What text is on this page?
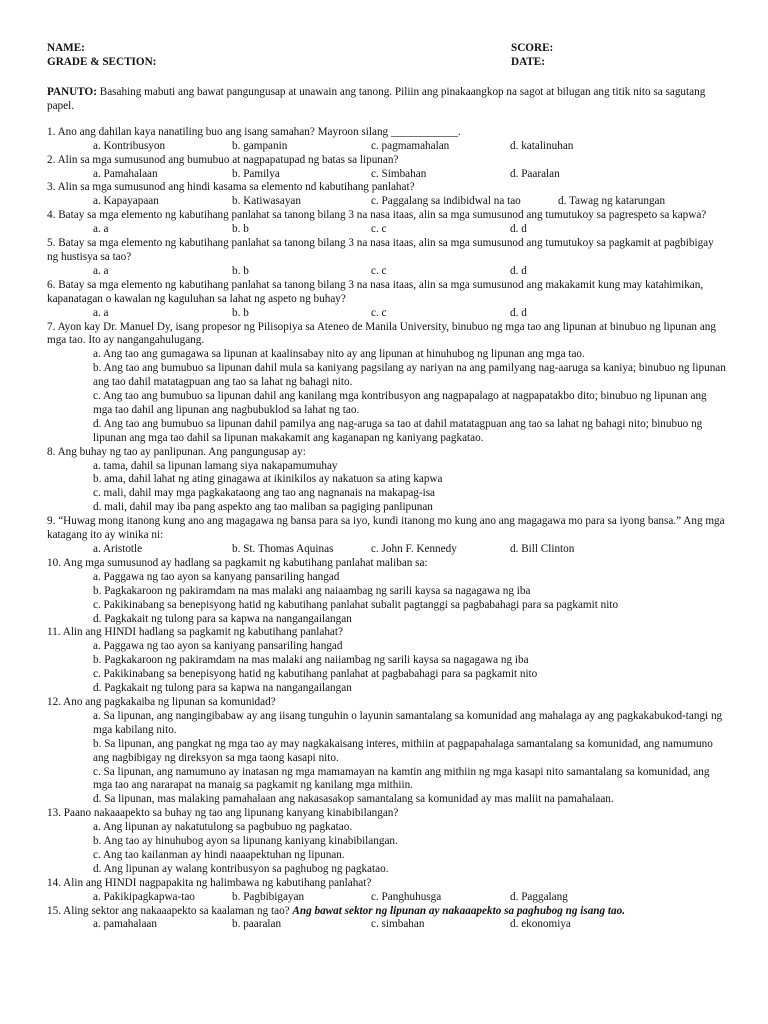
NAME:
GRADE & SECTION:
SCORE:
DATE:
PANUTO: Basahing mabuti ang bawat pangungusap at unawain ang tanong. Piliin ang pinakaangkop na sagot at bilugan ang titik nito sa sagutang papel.
1. Ano ang dahilan kaya nanatiling buo ang isang samahan? Mayroon silang ____________.
a. Kontribusyon	b. gampanin	c. pagmamahalan	d. katalinuhan
2. Alin sa mga sumusunod ang bumubuo at nagpapatupad ng batas sa lipunan?
a. Pamahalaan	b. Pamilya	c. Simbahan	d. Paaralan
3. Alin sa mga sumusunod ang hindi kasama sa elemento nd kabutihang panlahat?
a. Kapayapaan	b. Katiwasayan	c. Paggalang sa indibidwal na tao	d. Tawag ng katarungan
4. Batay sa mga elemento ng kabutihang panlahat sa tanong bilang 3 na nasa itaas, alin sa mga sumusunod ang tumutukoy sa pagrespeto sa kapwa?
a. a	b. b	c. c	d. d
5. Batay sa mga elemento ng kabutihang panlahat sa tanong bilang 3 na nasa itaas, alin sa mga sumusunod ang tumutukoy sa pagkamit at pagbibigay ng hustisya sa tao?
a. a	b. b	c. c	d. d
6. Batay sa mga elemento ng kabutihang panlahat sa tanong bilang 3 na nasa itaas, alin sa mga sumusunod ang makakamit kung may katahimikan, kapanatagan o kawalan ng kaguluhan sa lahat ng aspeto ng buhay?
a. a	b. b	c. c	d. d
7. Ayon kay Dr. Manuel Dy, isang propesor ng Pilisopiya sa Ateneo de Manila University, binubuo ng mga tao ang lipunan at binubuo ng lipunan ang mga tao. Ito ay nangangahulugang.
a. Ang tao ang gumagawa sa lipunan at kaalinsabay nito ay ang lipunan at hinuhubog ng lipunan ang mga tao.
b. Ang tao ang bumubuo sa lipunan dahil mula sa kaniyang pagsilang ay nariyan na ang pamilyang nag-aaruga sa kaniya; binubuo ng lipunan ang tao dahil matatagpuan ang tao sa lahat ng bahagi nito.
c. Ang tao ang bumubuo sa lipunan dahil ang kanilang mga kontribusyon ang nagpapalago at nagpapatakbo dito; binubuo ng lipunan ang mga tao dahil ang lipunan ang nagbubuklod sa lahat ng tao.
d. Ang tao ang bumubuo sa lipunan dahil pamilya ang nag-aruga sa tao at dahil matatagpuan ang tao sa lahat ng bahagi nito; binubuo ng lipunan ang mga tao dahil sa lipunan makakamit ang kaganapan ng kaniyang pagkatao.
8. Ang buhay ng tao ay panlipunan. Ang pangungusap ay:
a. tama, dahil sa lipunan lamang siya nakapamumuhay
b. ama, dahil lahat ng ating ginagawa at ikinikilos ay nakatuon sa ating kapwa
c. mali, dahil may mga pagkakataong ang tao ang nagnanais na makapag-isa
d. mali, dahil may iba pang aspekto ang tao maliban sa pagiging panlipunan
9. “Huwag mong itanong kung ano ang magagawa ng bansa para sa iyo, kundi itanong mo kung ano ang magagawa mo para sa iyong bansa.” Ang mga katagang ito ay winika ni:
a. Aristotle	b. St. Thomas Aquinas	c. John F. Kennedy	d. Bill Clinton
10. Ang mga sumusunod ay hadlang sa pagkamit ng kabutihang panlahat maliban sa:
a. Paggawa ng tao ayon sa kanyang pansariling hangad
b. Pagkakaroon ng pakiramdam na mas malaki ang naiaambag ng sarili kaysa sa nagagawa ng iba
c. Pakikinabang sa benepisyong hatid ng kabutihang panlahat subalit pagtanggi sa pagbabahagi para sa pagkamit nito
d. Pagkakait ng tulong para sa kapwa na nangangailangan
11. Alin ang HINDI hadlang sa pagkamit ng kabutihang panlahat?
a. Paggawa ng tao ayon sa kaniyang pansariling hangad
b. Pagkakaroon ng pakiramdam na mas malaki ang naiiambag ng sarili kaysa sa nagagawa ng iba
c. Pakikinabang sa benepisyong hatid ng kabutihang panlahat at pagbabahagi para sa pagkamit nito
d. Pagkakait ng tulong para sa kapwa na nangangailangan
12. Ano ang pagkakaiba ng lipunan sa komunidad?
a. Sa lipunan, ang nangingibabaw ay ang iisang tunguhin o layunin samantalang sa komunidad ang mahalaga ay ang pagkakabukod-tangi ng mga kabilang nito.
b. Sa lipunan, ang pangkat ng mga tao ay may nagkakaisang interes, mithiin at pagpapahalaga samantalang sa komunidad, ang namumuno ang nagbibigay ng direksyon sa mga taong kasapi nito.
c. Sa lipunan, ang namumuno ay inatasan ng mga mamamayan na kamtin ang mithiin ng mga kasapi nito samantalang sa komunidad, ang mga tao ang nararapat na manaig sa pagkamit ng kanilang mga mithiin.
d. Sa lipunan, mas malaking pamahalaan ang nakasasakop samantalang sa komunidad ay mas maliit na pamahalaan.
13. Paano nakaaapekto sa buhay ng tao ang lipunang kanyang kinabibilangan?
a. Ang lipunan ay nakatutulong sa pagbubuo ng pagkatao.
b. Ang tao ay hinuhubog ayon sa lipunang kaniyang kinabibilangan.
c. Ang tao kailanman ay hindi naaapektuhan ng lipunan.
d. Ang lipunan ay walang kontribusyon sa paghubog ng pagkatao.
14. Alin ang HINDI nagpapakita ng halimbawa ng kabutihang panlahat?
a. Pakikipagkapwa-tao	b. Pagbibigayan	c. Panghuhusga	d. Paggalang
15. Aling sektor ang nakaaapekto sa kaalaman ng tao? Ang bawat sektor ng lipunan ay nakaaapekto sa paghubog ng isang tao.
a. pamahalaan	b. paaralan	c. simbahan	d. ekonomiya
